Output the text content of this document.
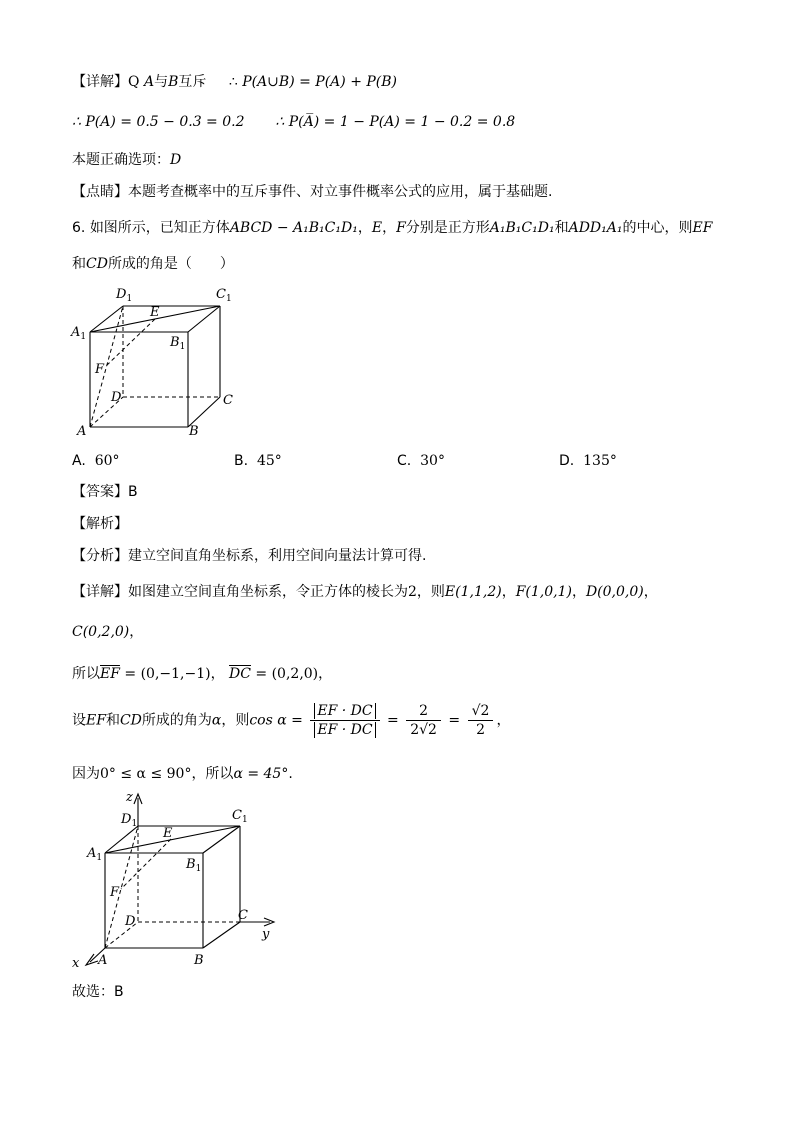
【详解】Q A与B互斥 ∴ P(A∪B) = P(A) + P(B)
∴ P(A) = 0.5 − 0.3 = 0.2 ∴ P(A̅) = 1 − P(A) = 1 − 0.2 = 0.8
本题正确选项：D
【点睛】本题考查概率中的互斥事件、对立事件概率公式的应用，属于基础题.
6. 如图所示，已知正方体ABCD − A₁B₁C₁D₁，E，F分别是正方形A₁B₁C₁D₁和ADD₁A₁的中心，则EF
和CD所成的角是（　　）
$D_1$	$C_1$
$A_1$	$B_1$
E
F
D	C
A	B
A. 60°	B. 45°	C. 30°	D. 135°
【答案】B
【解析】
【分析】建立空间直角坐标系，利用空间向量法计算可得.
【详解】如图建立空间直角坐标系，令正方体的棱长为2，则E(1,1,2)，F(1,0,1)，D(0,0,0)，
C(0,2,0)，
所以$\overline{EF} = (0,-1,-1)$， $\overline{DC} = (0,2,0)$，
设EF和CD所成的角为α，则$\cos \alpha = \frac{EF \cdot DC}{EF \cdot DC} = \frac{2}{2√2} = \frac{√2}{2}$ ，
因为0° ≤ α ≤ 90°，所以α = 45°.
z
y
x
$D_1$
$C_1$
$A_1$	$B_1$
E
F
D	C
A	B
故选：B
